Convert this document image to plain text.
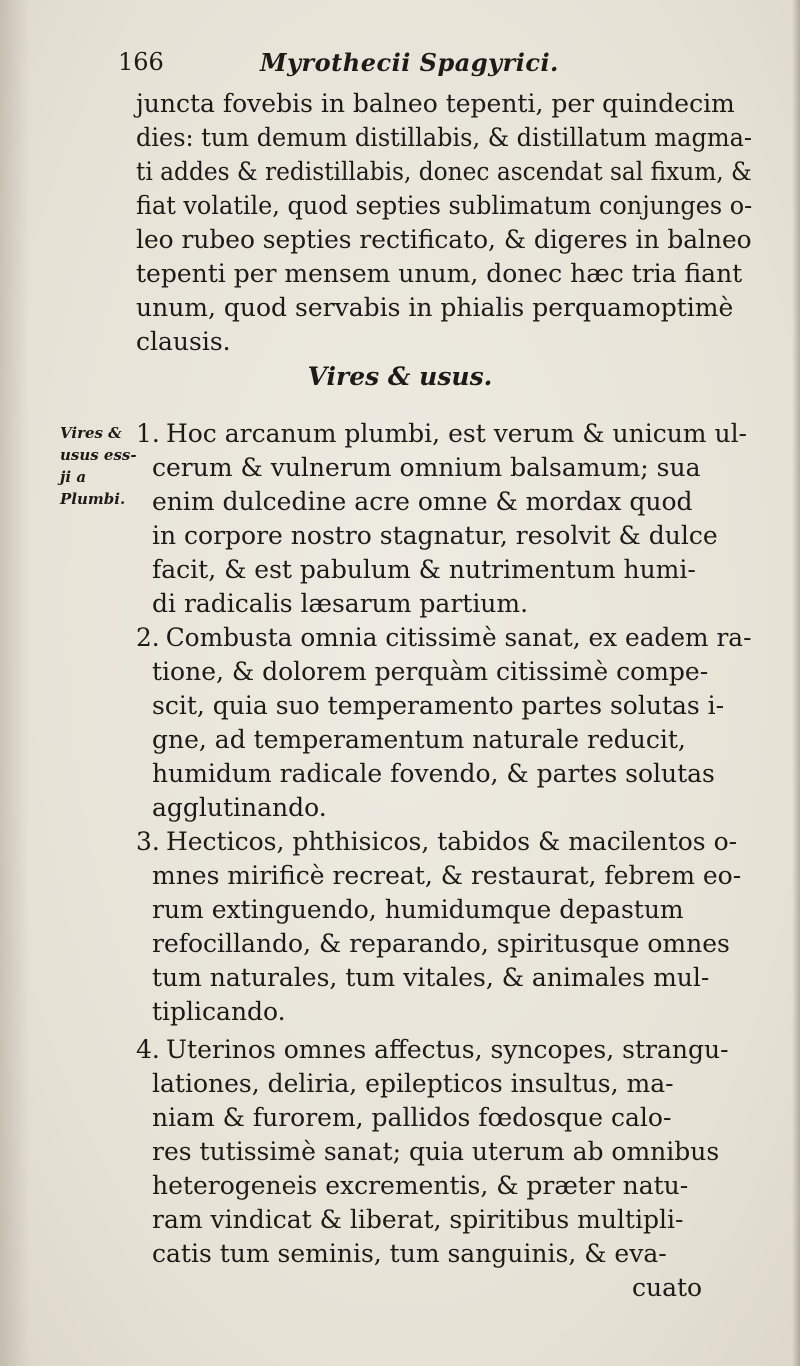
166	Myrothecii Spagyrici.
juncta fovebis in balneo tepenti, per quindecim
dies: tum demum distillabis, & distillatum magma-
ti addes & redistillabis, donec ascendat sal fixum, &
fiat volatile, quod septies sublimatum conjunges o-
leo rubeo septies rectificato, & digeres in balneo
tepenti per mensem unum, donec hæc tria fiant
unum, quod servabis in phialis perquamoptimè
clausis.
Vires & usus.
Vires &
usus ess-
ji a
Plumbi.
1. Hoc arcanum plumbi, est verum & unicum ul-
cerum & vulnerum omnium balsamum; sua
enim dulcedine acre omne & mordax quod
in corpore nostro stagnatur, resolvit & dulce
facit, & est pabulum & nutrimentum humi-
di radicalis læsarum partium.
2. Combusta omnia citissimè sanat, ex eadem ra-
tione, & dolorem perquàm citissimè compe-
scit, quia suo temperamento partes solutas i-
gne, ad temperamentum naturale reducit,
humidum radicale fovendo, & partes solutas
agglutinando.
3. Hecticos, phthisicos, tabidos & macilentos o-
mnes mirificè recreat, & restaurat, febrem eo-
rum extinguendo, humidumque depastum
refocillando, & reparando, spiritusque omnes
tum naturales, tum vitales, & animales mul-
tiplicando.
4. Uterinos omnes affectus, syncopes, strangu-
lationes, deliria, epilepticos insultus, ma-
niam & furorem, pallidos fœdosque calo-
res tutissimè sanat; quia uterum ab omnibus
heterogeneis excrementis, & præter natu-
ram vindicat & liberat, spiritibus multipli-
catis tum seminis, tum sanguinis, & eva-
cuato
